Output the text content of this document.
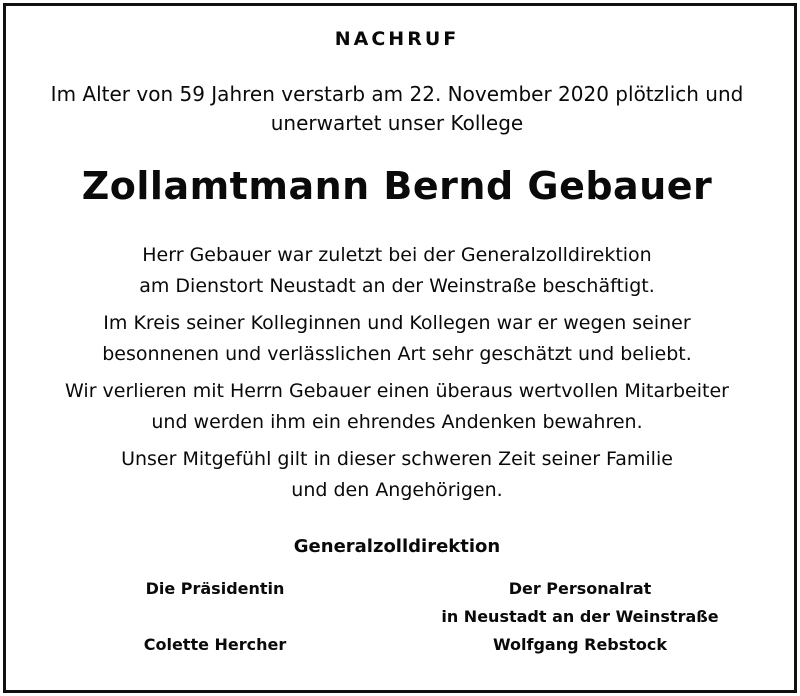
NACHRUF
Im Alter von 59 Jahren verstarb am 22. November 2020 plötzlich und
unerwartet unser Kollege
Zollamtmann Bernd Gebauer

Herr Gebauer war zuletzt bei der Generalzolldirektion
am Dienstort Neustadt an der Weinstraße beschäftigt.

Im Kreis seiner Kolleginnen und Kollegen war er wegen seiner
besonnenen und verlässlichen Art sehr geschätzt und beliebt.

Wir verlieren mit Herrn Gebauer einen überaus wertvollen Mitarbeiter
und werden ihm ein ehrendes Andenken bewahren.

Unser Mitgefühl gilt in dieser schweren Zeit seiner Familie
und den Angehörigen.

Generalzolldirektion
Die Präsidentin
Colette Hercher
Der Personalrat
in Neustadt an der Weinstraße
Wolfgang Rebstock
